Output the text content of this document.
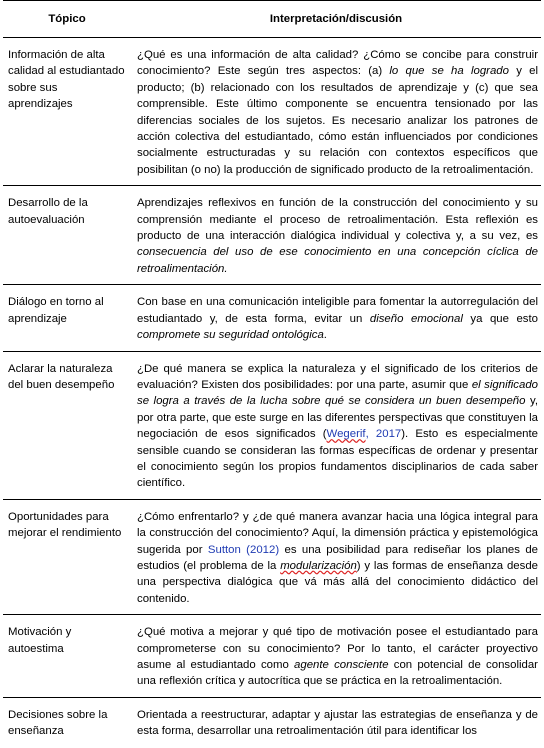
Tópico	Interpretación/discusión
Información de alta calidad al estudiantado sobre sus aprendizajes	¿Qué es una información de alta calidad? ¿Cómo se concibe para construir conocimiento? Este según tres aspectos: (a) lo que se ha logrado y el producto; (b) relacionado con los resultados de aprendizaje y (c) que sea comprensible. Este último componente se encuentra tensionado por las diferencias sociales de los sujetos. Es necesario analizar los patrones de acción colectiva del estudiantado, cómo están influenciados por condiciones socialmente estructuradas y su relación con contextos específicos que posibilitan (o no) la producción de significado producto de la retroalimentación.
Desarrollo de la autoevaluación	Aprendizajes reflexivos en función de la construcción del conocimiento y su comprensión mediante el proceso de retroalimentación. Esta reflexión es producto de una interacción dialógica individual y colectiva y, a su vez, es consecuencia del uso de ese conocimiento en una concepción cíclica de retroalimentación.
Diálogo en torno al aprendizaje	Con base en una comunicación inteligible para fomentar la autorregulación del estudiantado y, de esta forma, evitar un diseño emocional ya que esto compromete su seguridad ontológica.
Aclarar la naturaleza del buen desempeño	¿De qué manera se explica la naturaleza y el significado de los criterios de evaluación? Existen dos posibilidades: por una parte, asumir que el significado se logra a través de la lucha sobre qué se considera un buen desempeño y, por otra parte, que este surge en las diferentes perspectivas que constituyen la negociación de esos significados (Wegerif, 2017). Esto es especialmente sensible cuando se consideran las formas específicas de ordenar y presentar el conocimiento según los propios fundamentos disciplinarios de cada saber científico.
Oportunidades para mejorar el rendimiento	¿Cómo enfrentarlo? y ¿de qué manera avanzar hacia una lógica integral para la construcción del conocimiento? Aquí, la dimensión práctica y epistemológica sugerida por Sutton (2012) es una posibilidad para rediseñar los planes de estudios (el problema de la modularización) y las formas de enseñanza desde una perspectiva dialógica que vá más allá del conocimiento didáctico del contenido.
Motivación y autoestima	¿Qué motiva a mejorar y qué tipo de motivación posee el estudiantado para comprometerse con su conocimiento? Por lo tanto, el carácter proyectivo asume al estudiantado como agente consciente con potencial de consolidar una reflexión crítica y autocrítica que se práctica en la retroalimentación.
Decisiones sobre la enseñanza	Orientada a reestructurar, adaptar y ajustar las estrategias de enseñanza y de esta forma, desarrollar una retroalimentación útil para identificar los
